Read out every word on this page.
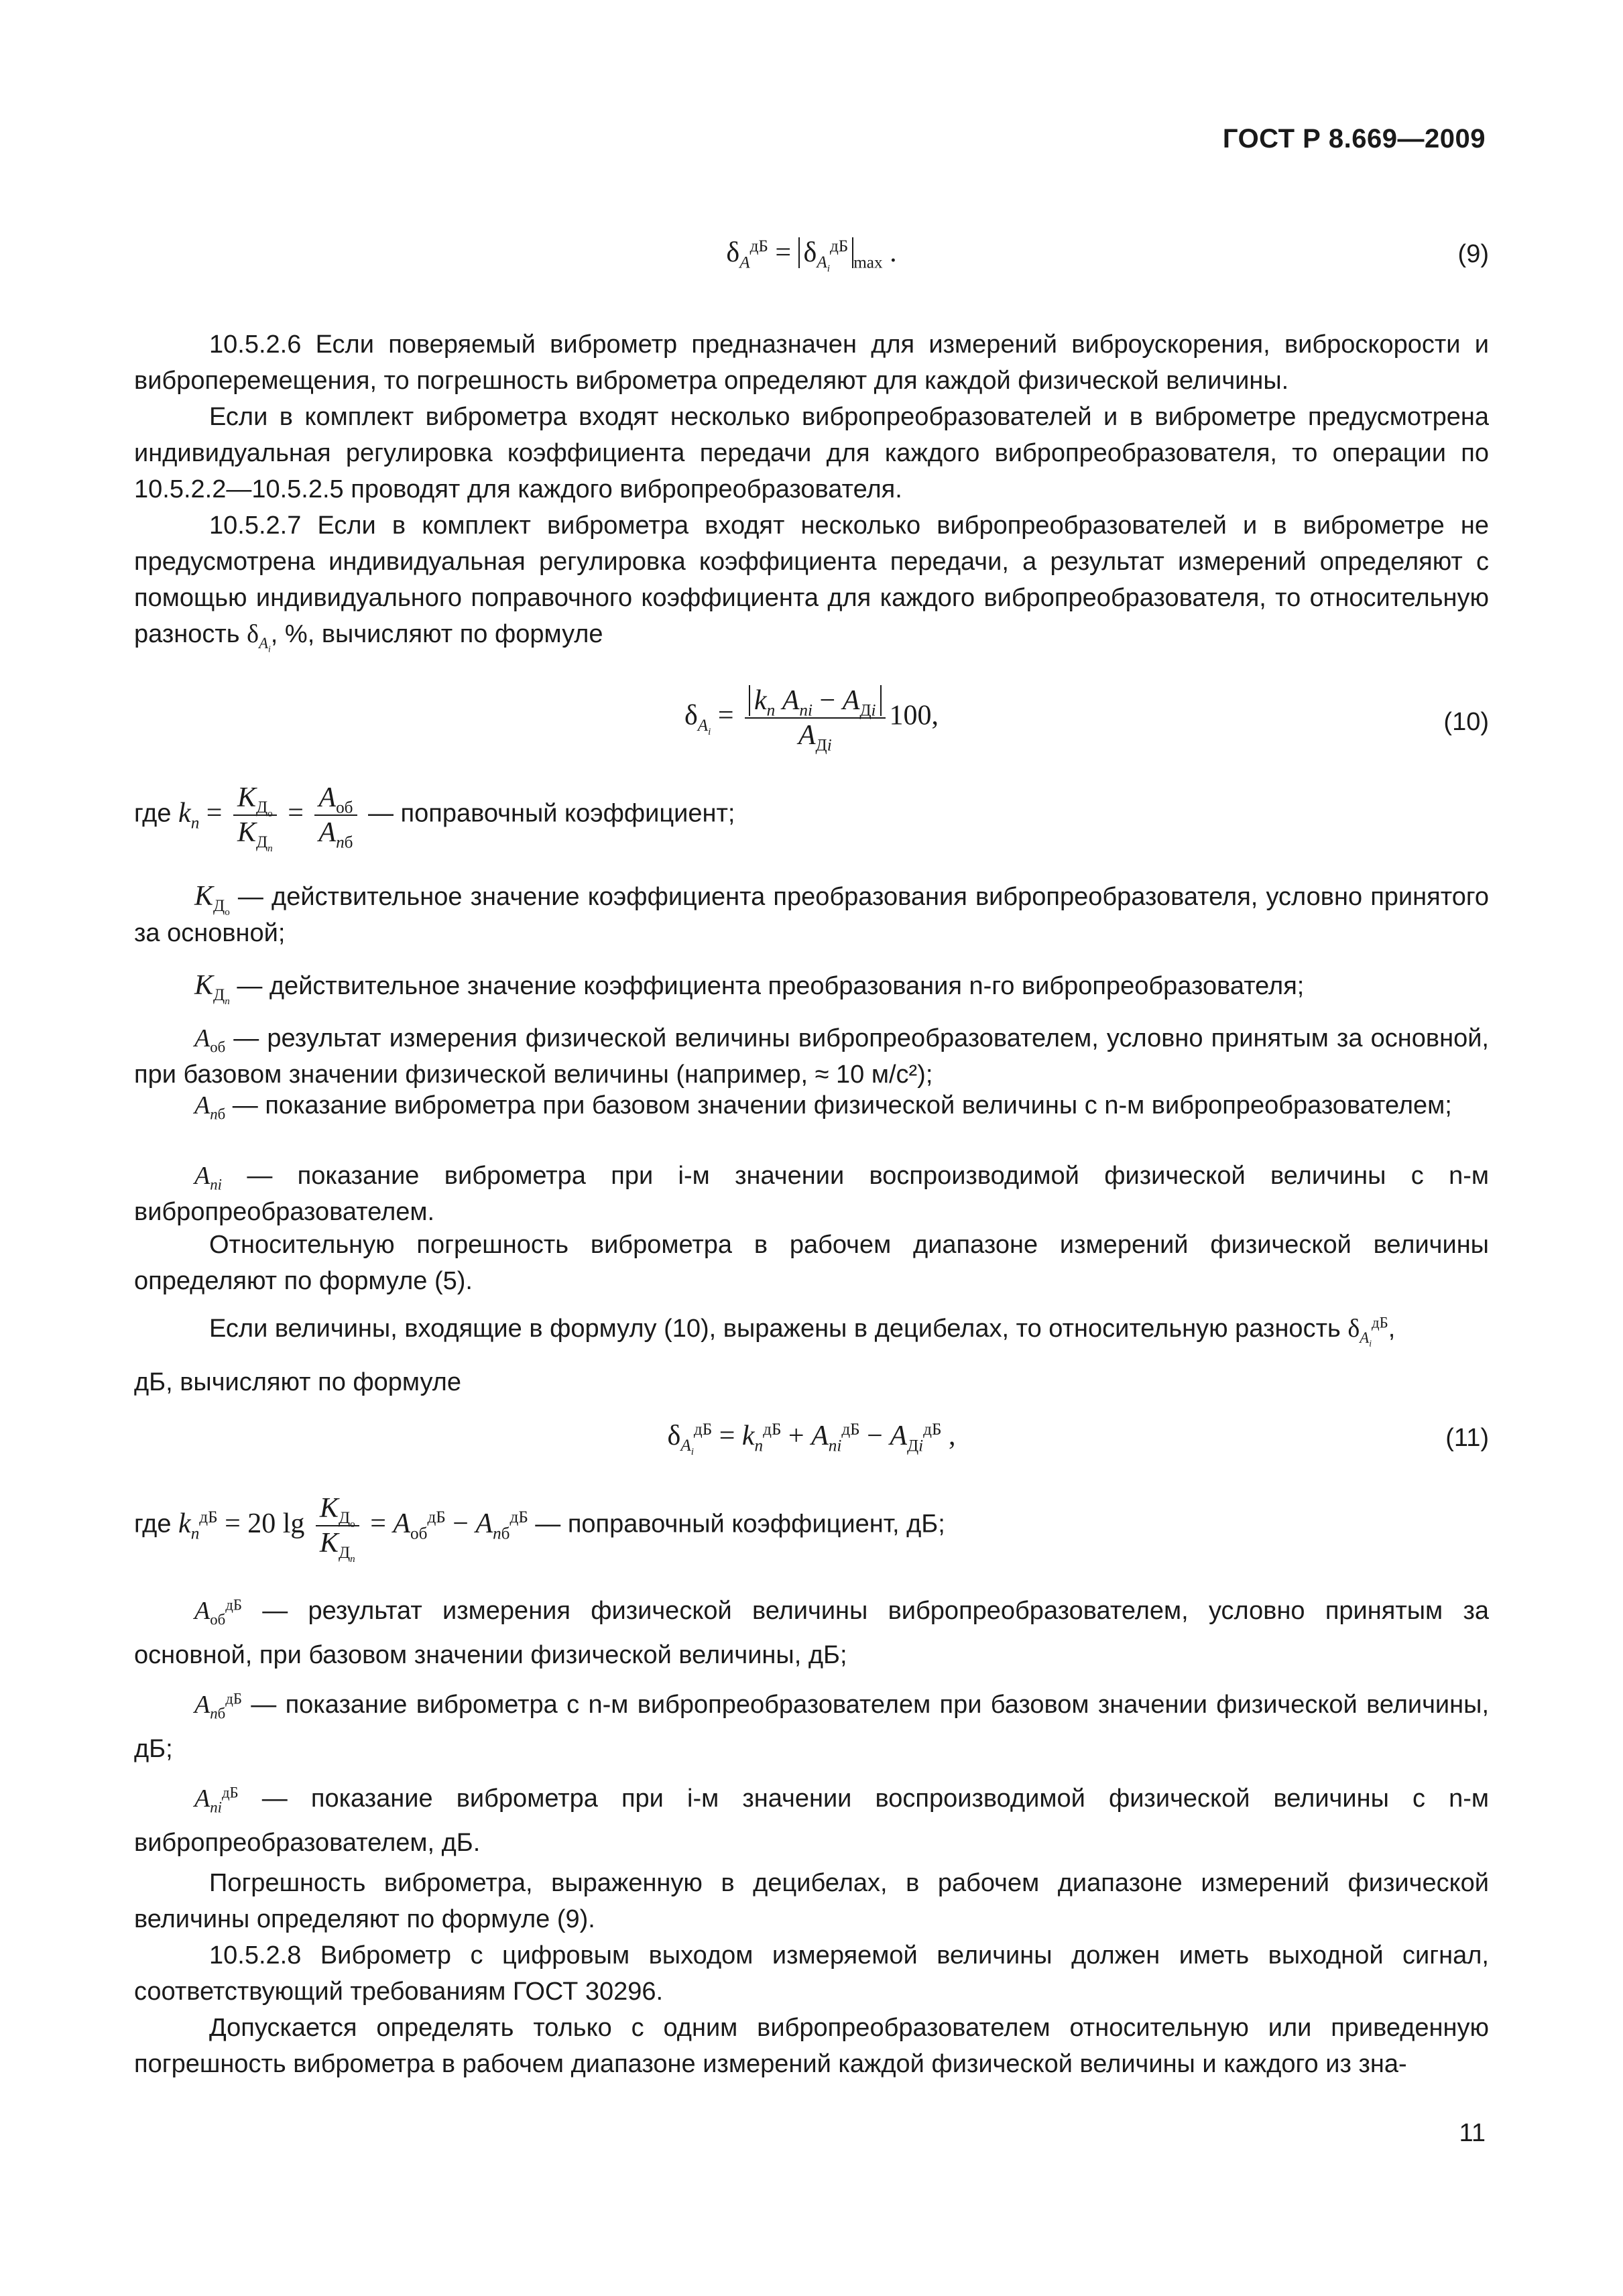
ГОСТ Р 8.669—2009
$\delta_A^{дБ} = \delta_{A_i}^{дБ}_{max}$ .	(9)
10.5.2.6 Если поверяемый виброметр предназначен для измерений виброускорения, виброскорости и виброперемещения, то погрешность виброметра определяют для каждой физической величины.
Если в комплект виброметра входят несколько вибропреобразователей и в виброметре предусмотрена индивидуальная регулировка коэффициента передачи для каждого вибропреобразователя, то операции по 10.5.2.2—10.5.2.5 проводят для каждого вибропреобразователя.
10.5.2.7 Если в комплект виброметра входят несколько вибропреобразователей и в виброметре не предусмотрена индивидуальная регулировка коэффициента передачи, а результат измерений определяют с помощью индивидуального поправочного коэффициента для каждого вибропреобразователя, то относительную разность $\delta_{A_i}$, %, вычисляют по формуле
$\delta_{A_i} = \frac{k_n A_{ni} - A_{Дi}}{A_{Дi}} 100$,	(10)
где $k_n = \frac{K_{Д_о}}{K_{Д_n}} = \frac{A_{об}}{A_{nб}}$ — поправочный коэффициент;
$K_{Д_о}$ — действительное значение коэффициента преобразования вибропреобразователя, условно принятого за основной;
$K_{Д_n}$ — действительное значение коэффициента преобразования n-го вибропреобразователя;
$A_{об}$ — результат измерения физической величины вибропреобразователем, условно принятым за основной, при базовом значении физической величины (например, ≈ 10 м/с²);
$A_{nб}$ — показание виброметра при базовом значении физической величины с n-м вибропреобразователем;
$A_{ni}$ — показание виброметра при i-м значении воспроизводимой физической величины с n-м вибропреобразователем.
Относительную погрешность виброметра в рабочем диапазоне измерений физической величины определяют по формуле (5).
Если величины, входящие в формулу (10), выражены в децибелах, то относительную разность $\delta_{A_i}^{дБ}$,
дБ, вычисляют по формуле
$\delta_{A_i}^{дБ} = k_n^{дБ} + A_{ni}^{дБ} - A_{Дi}^{дБ}$ ,	(11)
где $k_n^{дБ} = 20$ $\lg \frac{K_{Д_о}}{K_{Д_n}} = A_{об}^{дБ} - A_{nб}^{дБ}$ — поправочный коэффициент, дБ;
$A_{об}^{дБ}$ — результат измерения физической величины вибропреобразователем, условно принятым за основной, при базовом значении физической величины, дБ;
$A_{nб}^{дБ}$ — показание виброметра с n-м вибропреобразователем при базовом значении физической величины, дБ;
$A_{ni}^{дБ}$ — показание виброметра при i-м значении воспроизводимой физической величины с n-м вибропреобразователем, дБ.
Погрешность виброметра, выраженную в децибелах, в рабочем диапазоне измерений физической величины определяют по формуле (9).
10.5.2.8 Виброметр с цифровым выходом измеряемой величины должен иметь выходной сигнал, соответствующий требованиям ГОСТ 30296.
Допускается определять только с одним вибропреобразователем относительную или приведенную погрешность виброметра в рабочем диапазоне измерений каждой физической величины и каждого из зна-
11
